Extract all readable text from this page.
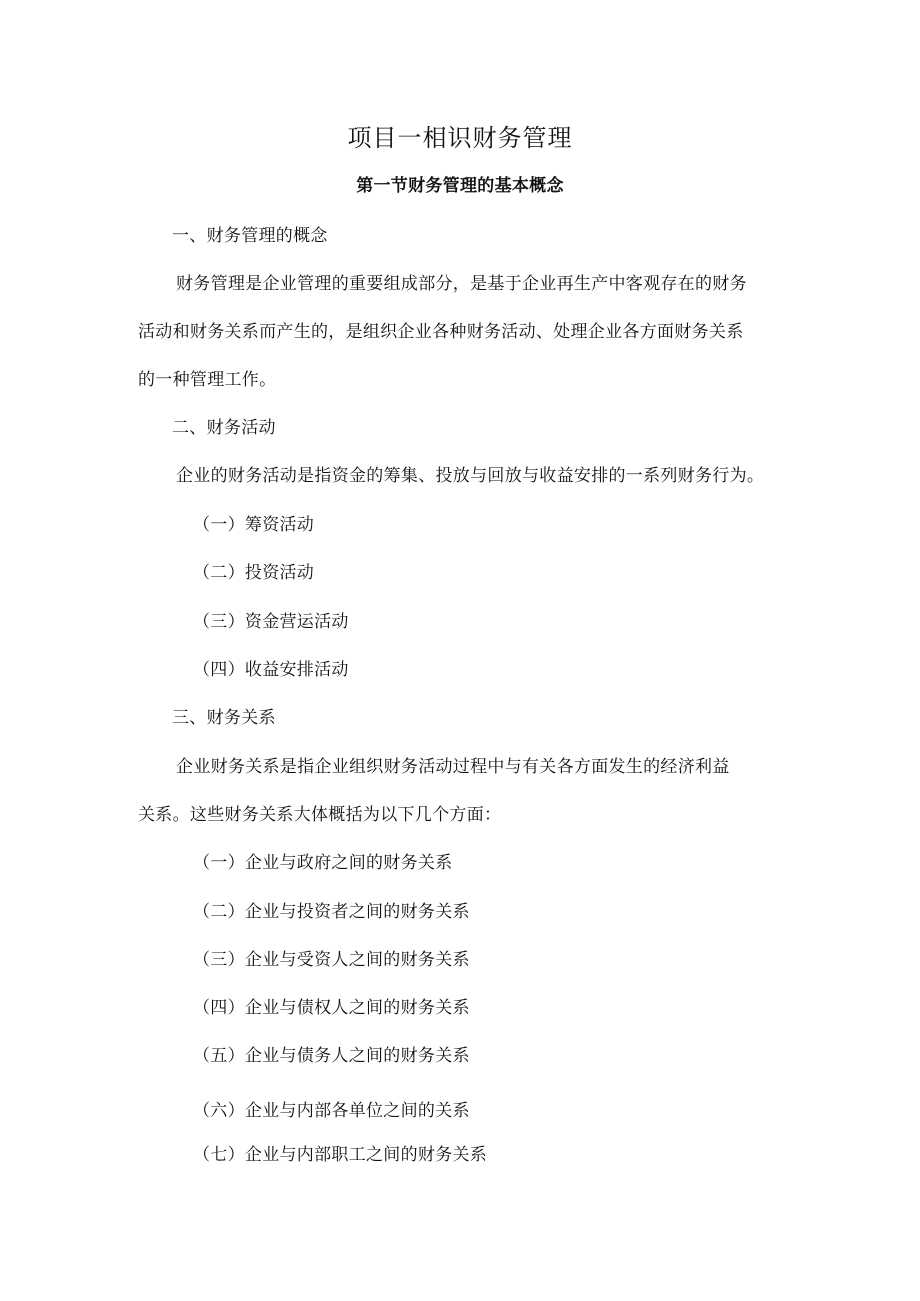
项目一相识财务管理
第一节财务管理的基本概念
一、财务管理的概念
财务管理是企业管理的重要组成部分，是基于企业再生产中客观存在的财务
活动和财务关系而产生的，是组织企业各种财务活动、处理企业各方面财务关系
的一种管理工作。
二、财务活动
企业的财务活动是指资金的筹集、投放与回放与收益安排的一系列财务行为。
（一）筹资活动
（二）投资活动
（三）资金营运活动
（四）收益安排活动
三、财务关系
企业财务关系是指企业组织财务活动过程中与有关各方面发生的经济利益
关系。这些财务关系大体概括为以下几个方面：
（一）企业与政府之间的财务关系
（二）企业与投资者之间的财务关系
（三）企业与受资人之间的财务关系
（四）企业与债权人之间的财务关系
（五）企业与债务人之间的财务关系
（六）企业与内部各单位之间的关系
（七）企业与内部职工之间的财务关系
